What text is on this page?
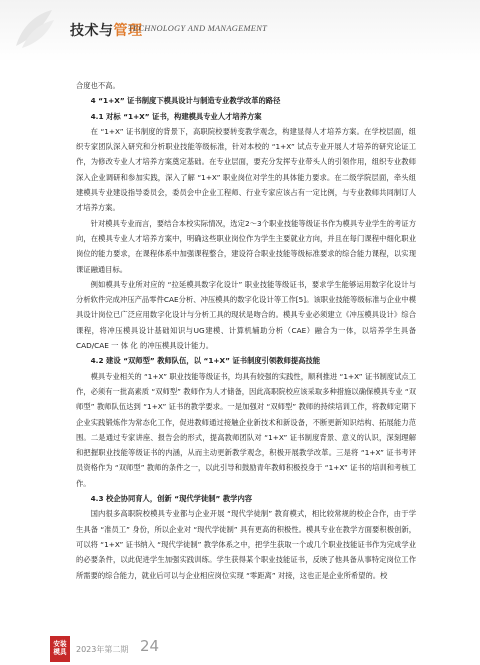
技术与管理
TECHNOLOGY AND MANAGEMENT

合度也不高。

4 “1+X” 证书制度下模具设计与制造专业教学改革的路径

4.1 对标 “1+X” 证书，构建模具专业人才培养方案

在 “1+X” 证书制度的背景下，高职院校要转变教学观念，构建显得人才培养方案。在学校层面，组织专家团队深入研究和分析职业技能等级标准，针对本校的 “1+X” 试点专业开展人才培养的研究论证工作，为修改专业人才培养方案奠定基础。在专业层面，要充分发挥专业带头人的引领作用，组织专业教师深入企业调研和参加实践，深入了解 “1+X” 职业岗位对学生的具体能力要求。在二级学院层面，牵头组建模具专业建设指导委员会，委员会中企业工程师、行业专家应该占有一定比例，与专业教师共同制订人才培养方案。

针对模具专业而言，要结合本校实际情况，选定2～3个职业技能等级证书作为模具专业学生的考证方向，在模具专业人才培养方案中，明确这些职业岗位作为学生主要就业方向，并且在每门课程中细化职业岗位的能力要求，在课程体系中加强课程整合，建设符合职业技能等级标准要求的综合能力课程，以实现课证融通目标。

例如模具专业所对应的 “拉延模具数字化设计” 职业技能等级证书，要求学生能够运用数字化设计与分析软件完成冲压产品零件CAE分析、冲压模具的数字化设计等工作[5]。该职业技能等级标准与企业中模具设计岗位已广泛应用数字化设计与分析工具的现状是吻合的。模具专业必须建立《冲压模具设计》综合课程，将冲压模具设计基础知识与UG建模、计算机辅助分析（CAE）融合为一体，以培养学生具备CAD/CAE 一 体 化 的冲压模具设计能力。

4.2 建设 “双师型” 教师队伍，以 “1+X” 证书制度引领教师提高技能

模具专业相关的 “1+X” 职业技能等级证书，均具有较强的实践性，顺利推进 “1+X” 证书制度试点工作，必须有一批高素质 “双师型” 教师作为人才储备，因此高职院校应该采取多种措施以确保模具专业 “双师型” 教师队伍达到 “1+X” 证书的教学要求。一是加强对 “双师型” 教师的持续培训工作，将教师定期下企业实践锻炼作为常态化工作，促进教师通过接触企业新技术和新设备，不断更新知识结构、拓展能力范围。二是通过专家讲座、报告会的形式，提高教师团队对 “1+X” 证书制度背景、意义的认识，深刻理解和把握职业技能等级证书的内涵，从而主动更新教学观念，积极开展教学改革。三是将 “1+X” 证书考评员资格作为 “双师型” 教师的条件之一，以此引导和鼓励青年教师积极投身于 “1+X” 证书的培训和考核工作。

4.3 校企协同育人，创新 “现代学徒制” 教学内容

国内很多高职院校模具专业都与企业开展 “现代学徒制” 教育模式，相比较常规的校企合作，由于学生具备 “准员工” 身份，所以企业对 “现代学徒制” 具有更高的积极性。模具专业在教学方面要积极创新，可以将 “1+X” 证书纳入 “现代学徒制” 教学体系之中，把学生获取一个或几个职业技能证书作为完成学业的必要条件，以此促进学生加强实践训练。学生获得某个职业技能证书，反映了他具备从事特定岗位工作所需要的综合能力，就业后可以与企业相应岗位实现 “零距离” 对接，这也正是企业所希望的。校

安装
模具	2023年第二期 24
